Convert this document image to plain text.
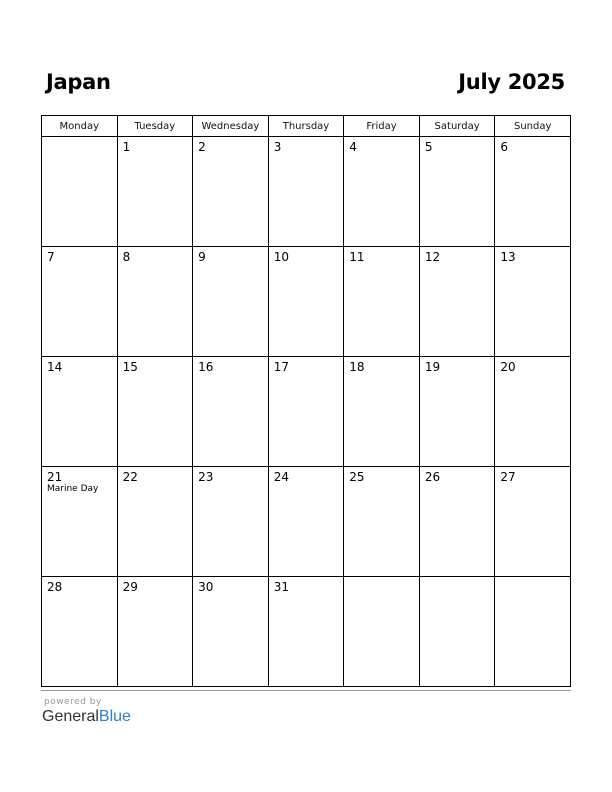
Japan	July 2025
Monday	Tuesday	Wednesday	Thursday	Friday	Saturday	Sunday

	1	2	3	4	5	6

7	8	9	10	11	12	13

14	15	16	17	18	19	20

21
Marine Day	22	23	24	25	26	27

28	29	30	31			

powered by
GeneralBlue
